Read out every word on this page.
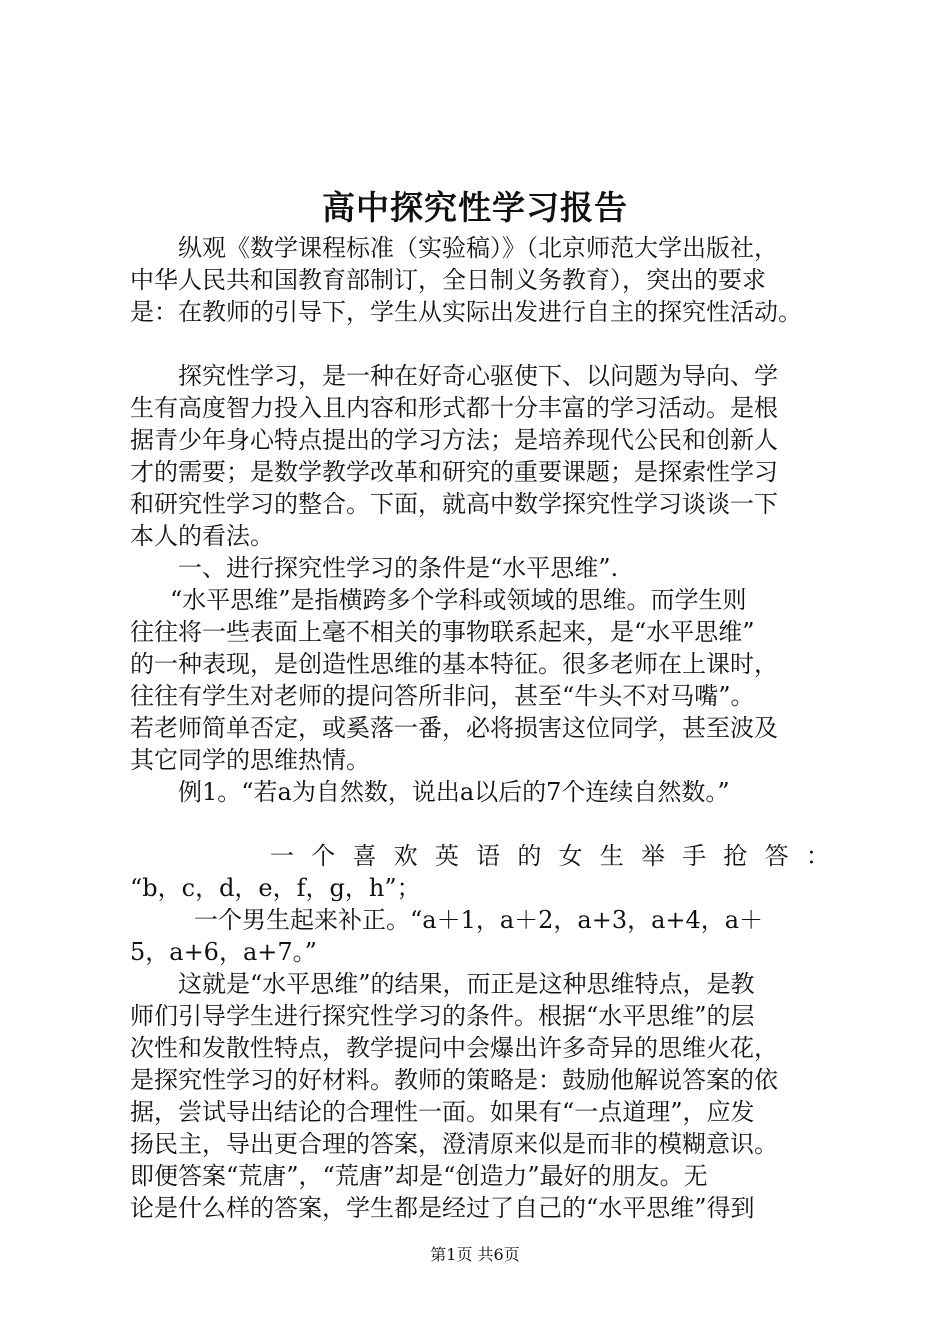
高中探究性学习报告
纵观《数学课程标准（实验稿）》（北京师范大学出版社，
中华人民共和国教育部制订，全日制义务教育），突出的要求
是：在教师的引导下，学生从实际出发进行自主的探究性活动。
探究性学习，是一种在好奇心驱使下、以问题为导向、学
生有高度智力投入且内容和形式都十分丰富的学习活动。是根
据青少年身心特点提出的学习方法；是培养现代公民和创新人
才的需要；是数学教学改革和研究的重要课题；是探索性学习
和研究性学习的整合。下面，就高中数学探究性学习谈谈一下
本人的看法。
一、进行探究性学习的条件是“水平思维”.
“水平思维”是指横跨多个学科或领域的思维。而学生则
往往将一些表面上毫不相关的事物联系起来，是“水平思维”
的一种表现，是创造性思维的基本特征。很多老师在上课时，
往往有学生对老师的提问答所非问，甚至“牛头不对马嘴”。
若老师简单否定，或奚落一番，必将损害这位同学，甚至波及
其它同学的思维热情。
例1。“若a为自然数，说出a以后的7个连续自然数。”
一 个 喜 欢 英 语 的 女 生 举 手 抢 答 ：
“b，c，d，e，f，g，h”；
一个男生起来补正。“a＋1，a＋2，a+3，a+4，a＋
5，a+6，a+7。”
这就是“水平思维”的结果，而正是这种思维特点，是教
师们引导学生进行探究性学习的条件。根据“水平思维”的层
次性和发散性特点，教学提问中会爆出许多奇异的思维火花，
是探究性学习的好材料。教师的策略是：鼓励他解说答案的依
据，尝试导出结论的合理性一面。如果有“一点道理”，应发
扬民主，导出更合理的答案，澄清原来似是而非的模糊意识。
即便答案“荒唐”，“荒唐”却是“创造力”最好的朋友。无
论是什么样的答案，学生都是经过了自己的“水平思维”得到
第1页 共6页
